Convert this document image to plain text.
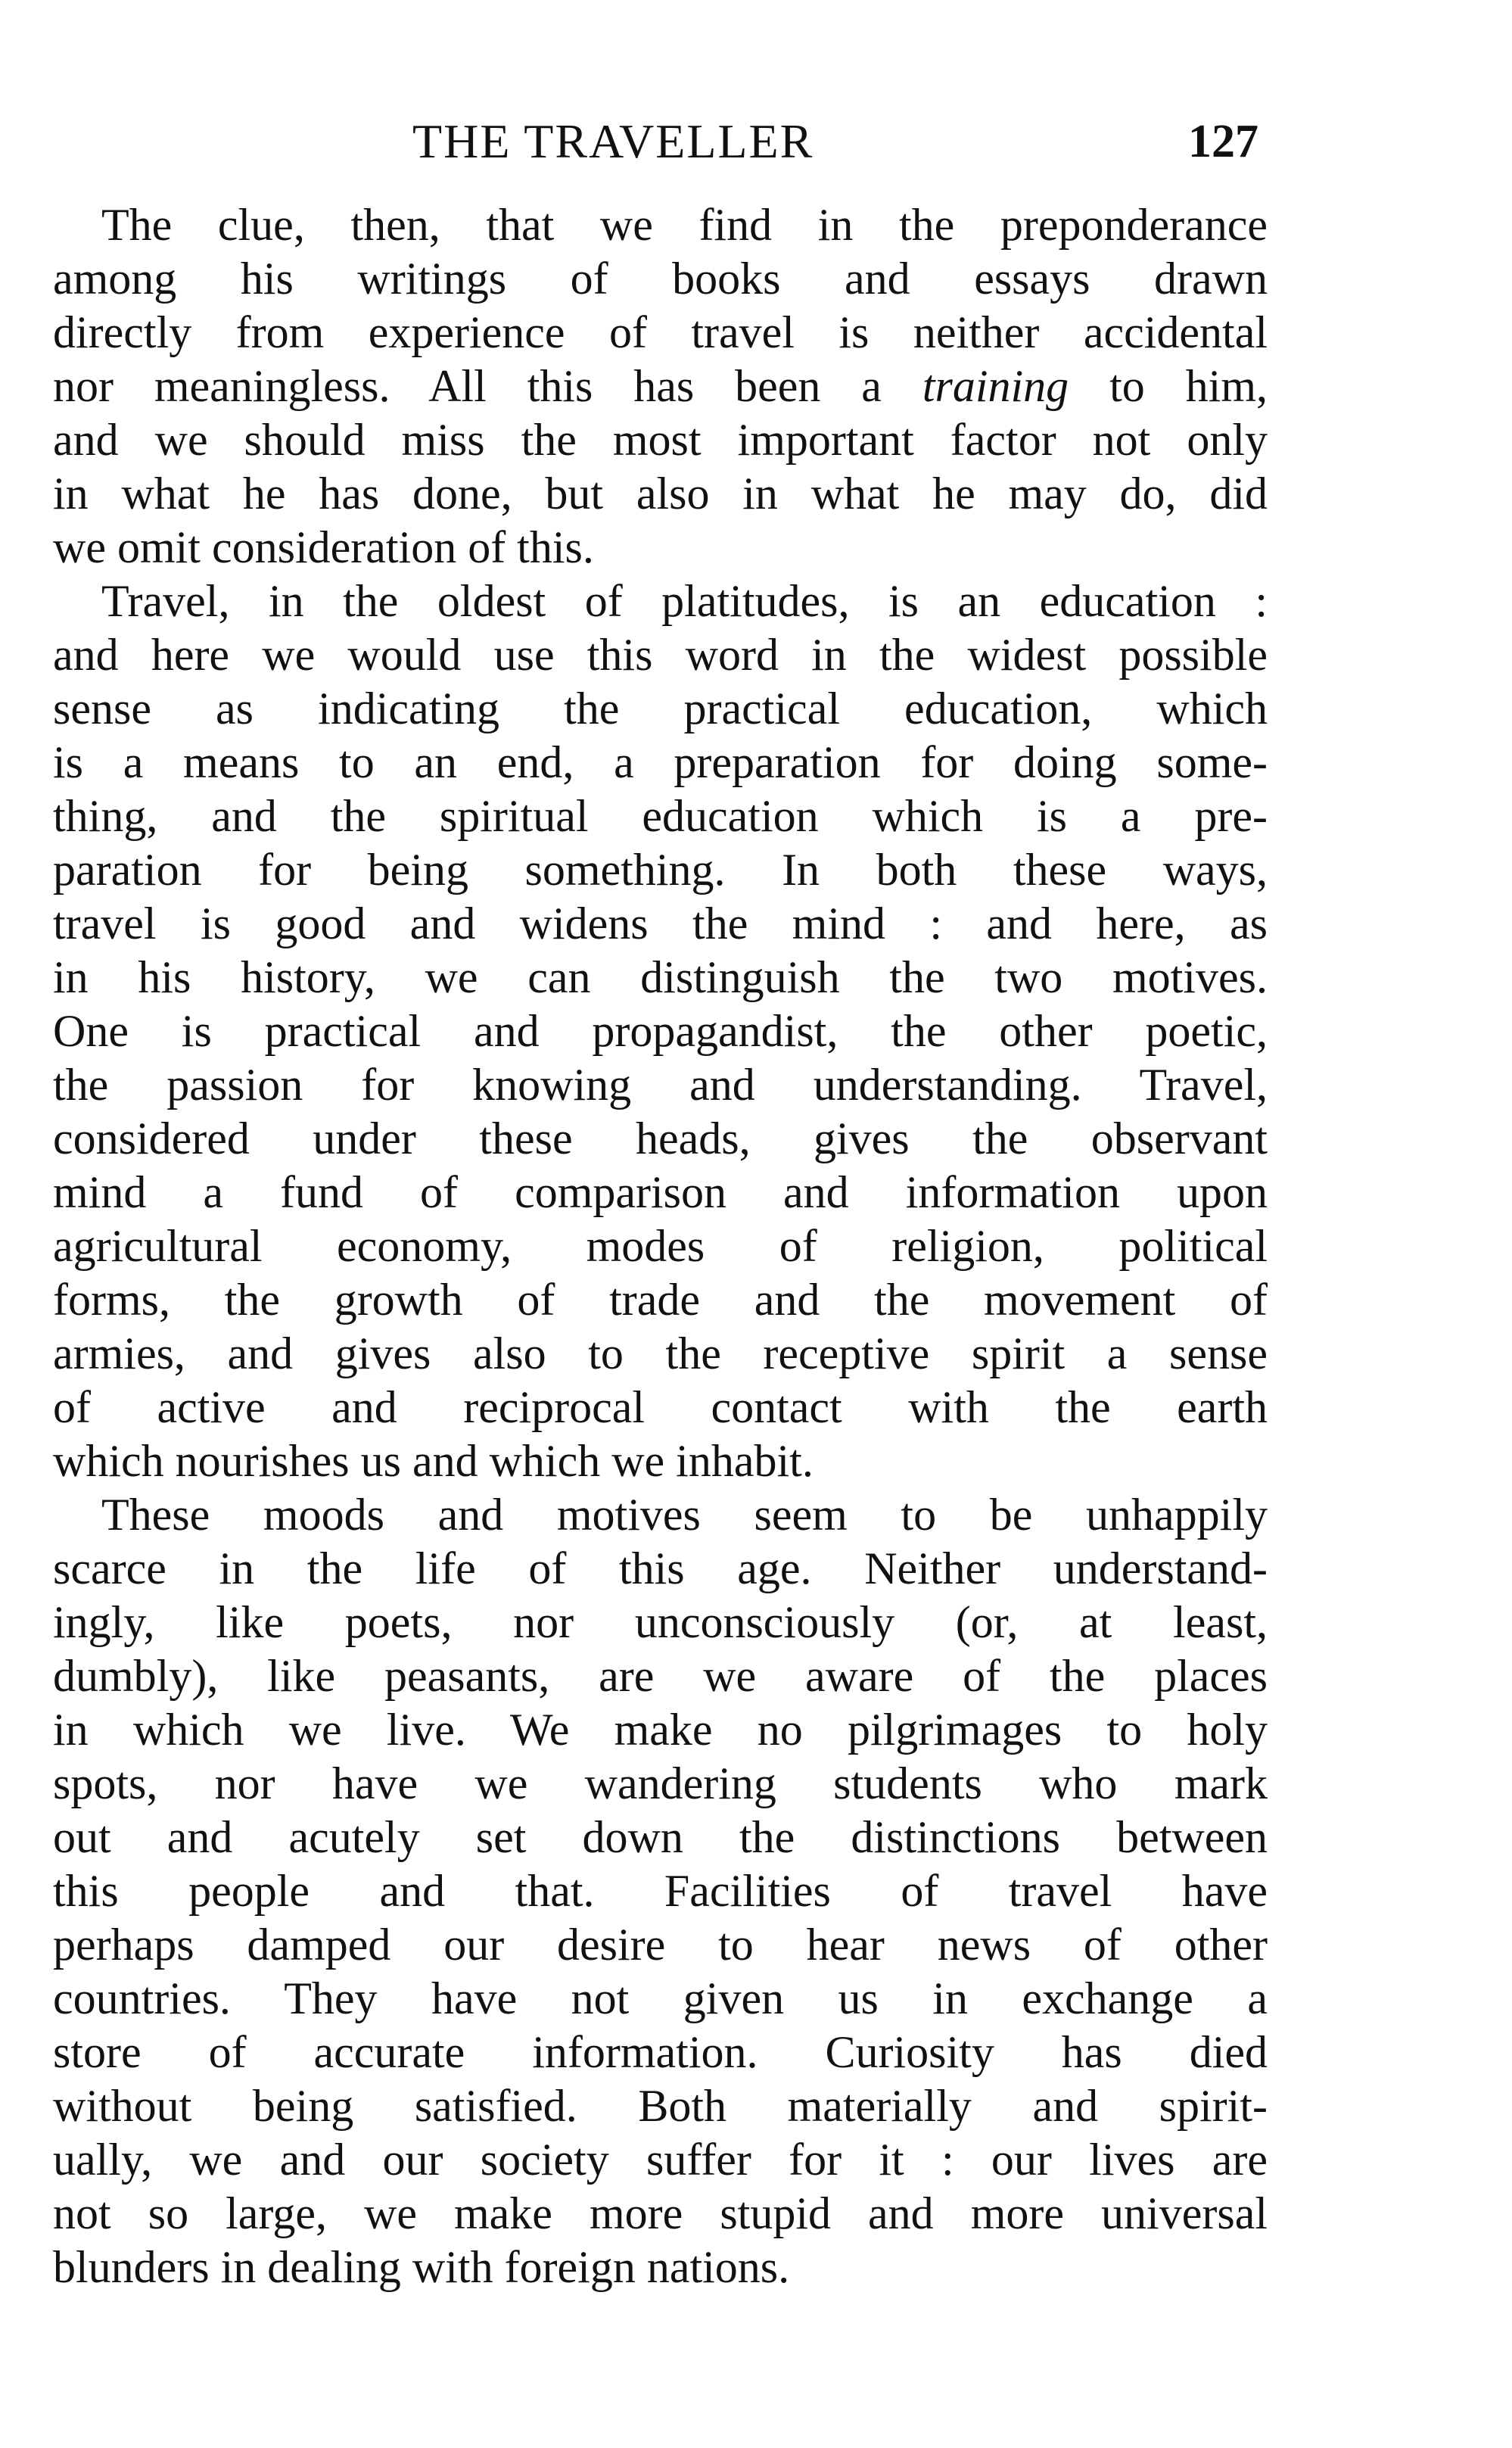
THE TRAVELLER	127
The clue, then, that we find in the preponderance
among his writings of books and essays drawn
directly from experience of travel is neither accidental
nor meaningless. All this has been a training to him,
and we should miss the most important factor not only
in what he has done, but also in what he may do, did
we omit consideration of this.
Travel, in the oldest of platitudes, is an education :
and here we would use this word in the widest possible
sense as indicating the practical education, which
is a means to an end, a preparation for doing some-
thing, and the spiritual education which is a pre-
paration for being something. In both these ways,
travel is good and widens the mind : and here, as
in his history, we can distinguish the two motives.
One is practical and propagandist, the other poetic,
the passion for knowing and understanding. Travel,
considered under these heads, gives the observant
mind a fund of comparison and information upon
agricultural economy, modes of religion, political
forms, the growth of trade and the movement of
armies, and gives also to the receptive spirit a sense
of active and reciprocal contact with the earth
which nourishes us and which we inhabit.
These moods and motives seem to be unhappily
scarce in the life of this age. Neither understand-
ingly, like poets, nor unconsciously (or, at least,
dumbly), like peasants, are we aware of the places
in which we live. We make no pilgrimages to holy
spots, nor have we wandering students who mark
out and acutely set down the distinctions between
this people and that. Facilities of travel have
perhaps damped our desire to hear news of other
countries. They have not given us in exchange a
store of accurate information. Curiosity has died
without being satisfied. Both materially and spirit-
ually, we and our society suffer for it : our lives are
not so large, we make more stupid and more universal
blunders in dealing with foreign nations.
